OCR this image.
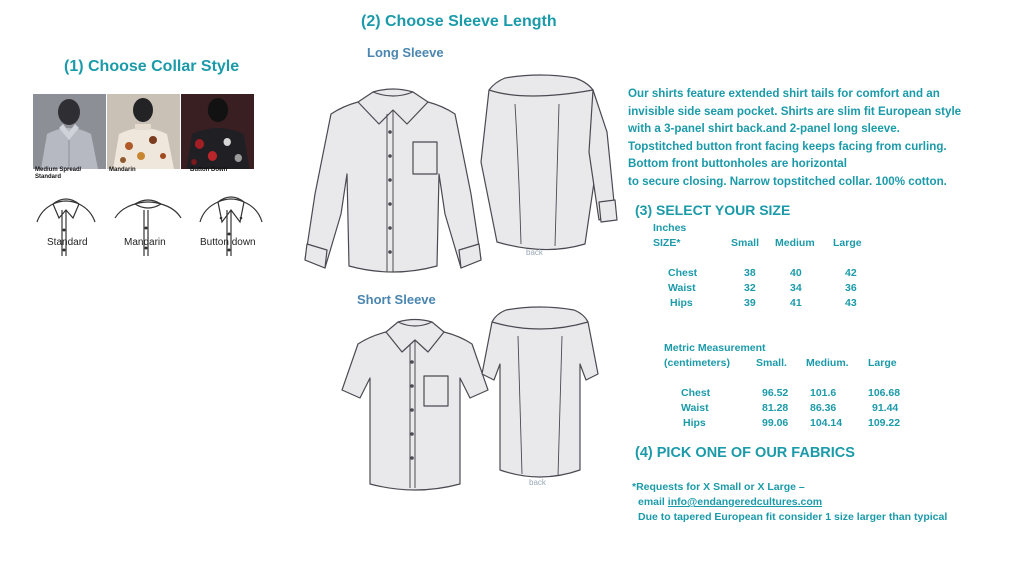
(1) Choose Collar Style
Medium Spread/
Standard
Mandarin	Button Down
Standard	Mandarin	Button down
(2) Choose Sleeve Length
Long Sleeve
Short Sleeve
back
back
Our shirts feature extended shirt tails for comfort and an
invisible side seam pocket. Shirts are slim fit European style
with a 3-panel shirt back.and 2-panel long sleeve.
Topstitched button front facing keeps facing from curling.
Bottom front buttonholes are horizontal
to secure closing. Narrow topstitched collar. 100% cotton.
(3) SELECT YOUR SIZE
Inches			
SIZE*	Small	Medium	Large

Chest	38	40	42
Waist	32	34	36
Hips	39	41	43
Metric Measurement			
(centimeters)	Small.	Medium.	Large

Chest	96.52	101.6	106.68
Waist	81.28	86.36	91.44
Hips	99.06	104.14	109.22
(4) PICK ONE OF OUR FABRICS
*Requests for X Small or X Large –
email info@endangeredcultures.com
Due to tapered European fit consider 1 size larger than typical
